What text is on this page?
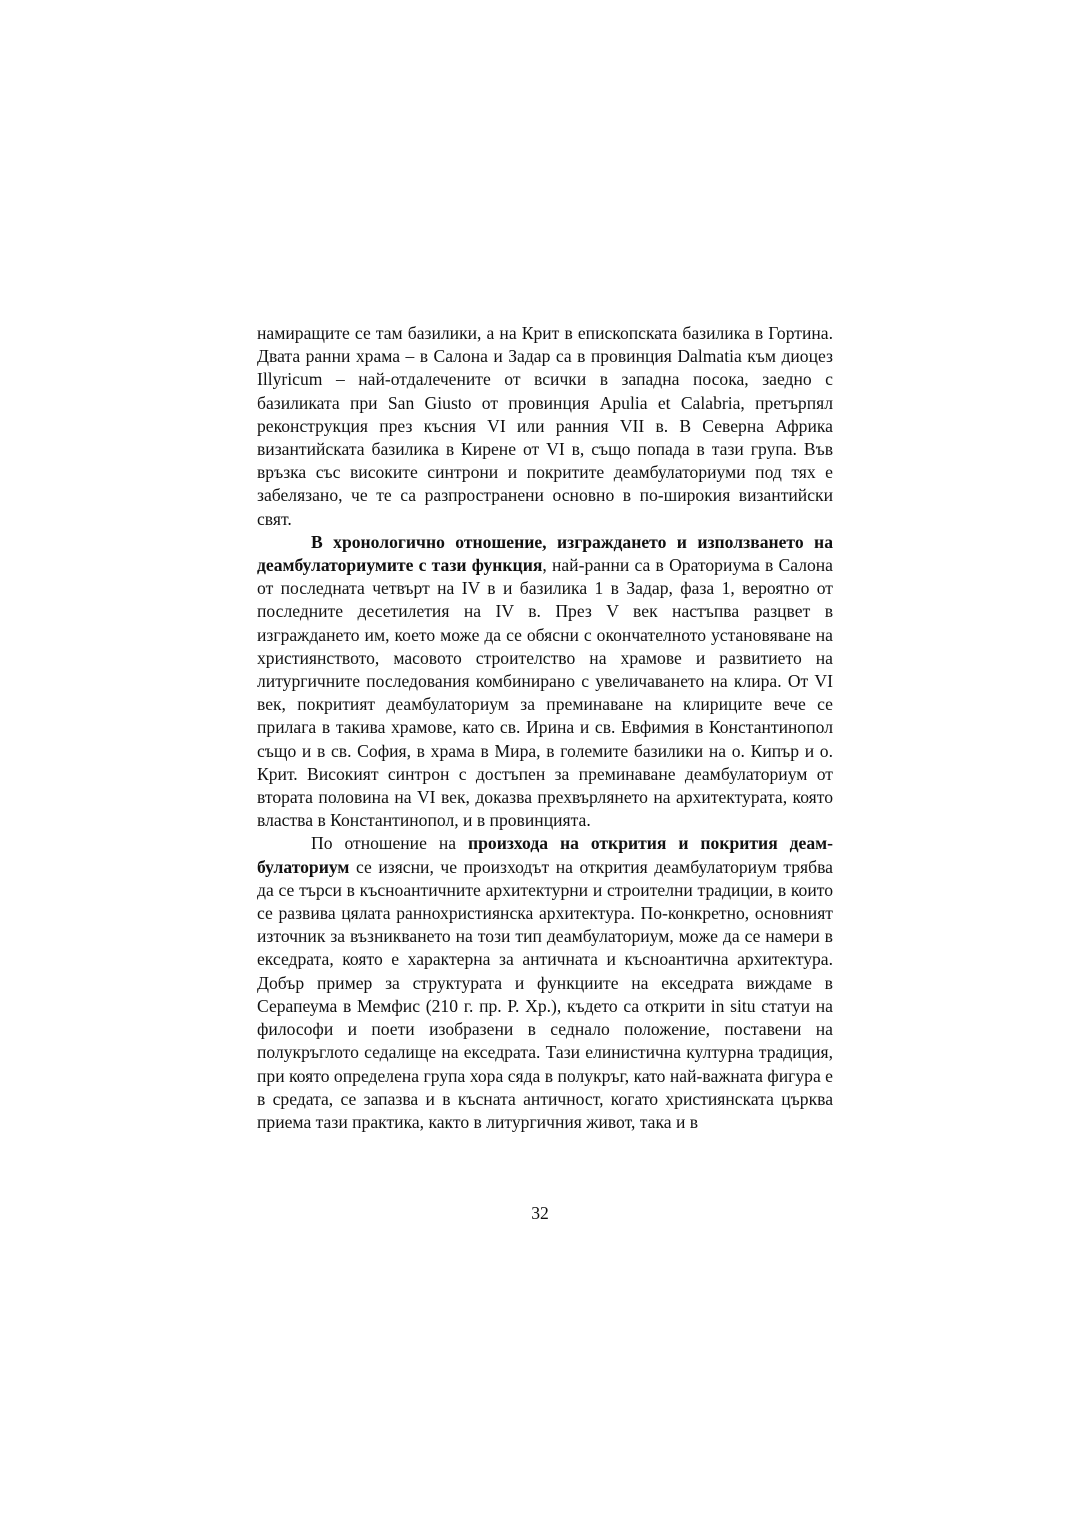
намиращите се там базилики, а на Крит в епископската базилика в Гортина. Двата ранни храма – в Салона и Задар са в провинция Dalmatia към диоцез Illyricum – най-отдалечените от всички в западна посока, заедно с базиликата при San Giusto от провинция Apulia et Calabria, претърпял реконструкция през късния VI или ранния VII в. В Северна Африка византийската базилика в Кирене от VI в, също попада в тази група. Във връзка със високите синтрони и покритите деамбулаториуми под тях е забелязано, че те са разпространени основно в по-широкия византийски свят.

В хронологично отношение, изграждането и използването на деамбулаториумите с тази функция, най-ранни са в Ораториума в Салона от последната четвърт на IV в и базилика 1 в Задар, фаза 1, вероятно от последните десетилетия на IV в. През V век настъпва разцвет в изграждането им, което може да се обясни с окончателното установяване на християнството, масовото строителство на храмове и развитието на литургичните последования комбинирано с увеличаването на клира. От VI век, покритият деамбулаториум за преминаване на клириците вече се прилага в такива храмове, като св. Ирина и св. Евфимия в Константинопол също и в св. София, в храма в Мира, в големите базилики на о. Кипър и о. Крит. Високият синтрон с достъпен за преминаване деамбулаториум от втората половина на VI век, доказва прехвърлянето на архитектурата, която властва в Константинопол, и в провинцията.

По отношение на произхода на открития и покрития деамбулаториум се изясни, че произходът на открития деамбулаториум трябва да се търси в късноантичните архитектурни и строителни традиции, в които се развива цялата раннохристиянска архитектура. По-конкретно, основният източник за възникването на този тип деамбулаториум, може да се намери в екседрата, която е характерна за античната и късноантична архитектура. Добър пример за структурата и функциите на екседрата виждаме в Серапеума в Мемфис (210 г. пр. Р. Хр.), където са открити in situ статуи на философи и поети изобразени в седнало положение, поставени на полукръглото седалище на екседрата. Тази елинистична културна традиция, при която определена група хора сяда в полукръг, като най-важната фигура е в средата, се запазва и в късната античност, когато християнската църква приема тази практика, както в литургичния живот, така и в

32
